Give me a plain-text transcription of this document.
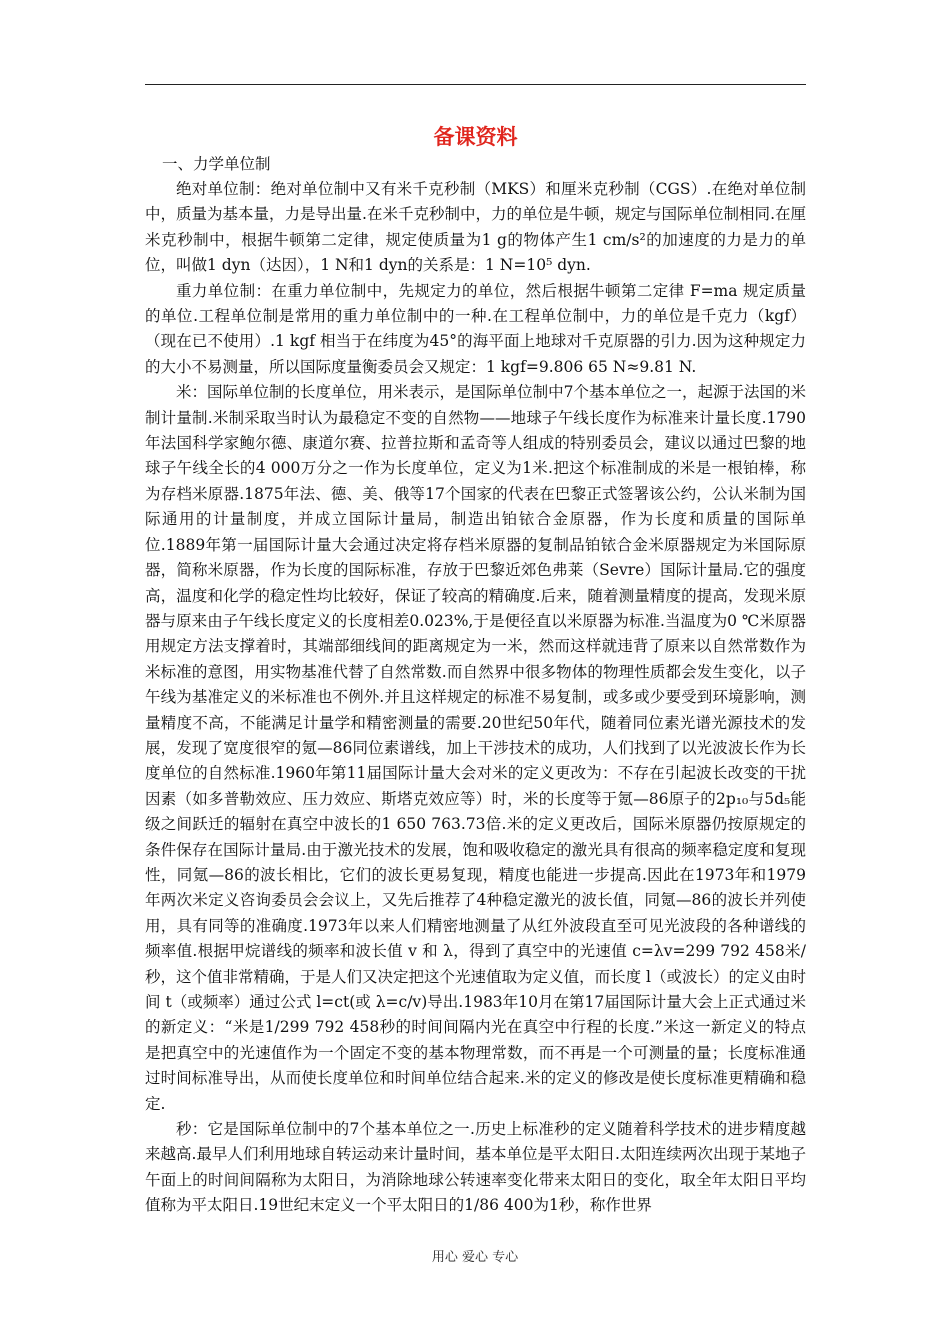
备课资料

一、力学单位制

绝对单位制：绝对单位制中又有米千克秒制（MKS）和厘米克秒制（CGS）.在绝对单位制中，质量为基本量，力是导出量.在米千克秒制中，力的单位是牛顿，规定与国际单位制相同.在厘米克秒制中，根据牛顿第二定律，规定使质量为1 g的物体产生1 cm/s²的加速度的力是力的单位，叫做1 dyn（达因），1 N和1 dyn的关系是：1 N=10⁵ dyn.

重力单位制：在重力单位制中，先规定力的单位，然后根据牛顿第二定律 F=ma 规定质量的单位.工程单位制是常用的重力单位制中的一种.在工程单位制中，力的单位是千克力（kgf）（现在已不使用）.1 kgf 相当于在纬度为45°的海平面上地球对千克原器的引力.因为这种规定力的大小不易测量，所以国际度量衡委员会又规定：1 kgf=9.806 65 N≈9.81 N.

米：国际单位制的长度单位，用米表示，是国际单位制中7个基本单位之一，起源于法国的米制计量制.米制采取当时认为最稳定不变的自然物——地球子午线长度作为标准来计量长度.1790年法国科学家鲍尔德、康道尔赛、拉普拉斯和孟奇等人组成的特别委员会，建议以通过巴黎的地球子午线全长的4 000万分之一作为长度单位，定义为1米.把这个标准制成的米是一根铂棒，称为存档米原器.1875年法、德、美、俄等17个国家的代表在巴黎正式签署该公约，公认米制为国际通用的计量制度，并成立国际计量局，制造出铂铱合金原器，作为长度和质量的国际单位.1889年第一届国际计量大会通过决定将存档米原器的复制品铂铱合金米原器规定为米国际原器，简称米原器，作为长度的国际标准，存放于巴黎近郊色弗莱（Sevre）国际计量局.它的强度高，温度和化学的稳定性均比较好，保证了较高的精确度.后来，随着测量精度的提高，发现米原器与原来由子午线长度定义的长度相差0.023%,于是便径直以米原器为标准.当温度为0 ℃米原器用规定方法支撑着时，其端部细线间的距离规定为一米，然而这样就违背了原来以自然常数作为米标准的意图，用实物基准代替了自然常数.而自然界中很多物体的物理性质都会发生变化，以子午线为基准定义的米标准也不例外.并且这样规定的标准不易复制，或多或少要受到环境影响，测量精度不高，不能满足计量学和精密测量的需要.20世纪50年代，随着同位素光谱光源技术的发展，发现了宽度很窄的氪—86同位素谱线，加上干涉技术的成功，人们找到了以光波波长作为长度单位的自然标准.1960年第11届国际计量大会对米的定义更改为：不存在引起波长改变的干扰因素（如多普勒效应、压力效应、斯塔克效应等）时，米的长度等于氪—86原子的2p₁₀与5d₅能级之间跃迁的辐射在真空中波长的1 650 763.73倍.米的定义更改后，国际米原器仍按原规定的条件保存在国际计量局.由于激光技术的发展，饱和吸收稳定的激光具有很高的频率稳定度和复现性，同氪—86的波长相比，它们的波长更易复现，精度也能进一步提高.因此在1973年和1979年两次米定义咨询委员会会议上，又先后推荐了4种稳定激光的波长值，同氪—86的波长并列使用，具有同等的准确度.1973年以来人们精密地测量了从红外波段直至可见光波段的各种谱线的频率值.根据甲烷谱线的频率和波长值 v 和 λ，得到了真空中的光速值 c=λv=299 792 458米/秒，这个值非常精确，于是人们又决定把这个光速值取为定义值，而长度 l（或波长）的定义由时间 t（或频率）通过公式 l=ct(或 λ=c/v)导出.1983年10月在第17届国际计量大会上正式通过米的新定义：“米是1/299 792 458秒的时间间隔内光在真空中行程的长度.”米这一新定义的特点是把真空中的光速值作为一个固定不变的基本物理常数，而不再是一个可测量的量；长度标准通过时间标准导出，从而使长度单位和时间单位结合起来.米的定义的修改是使长度标准更精确和稳定.

秒：它是国际单位制中的7个基本单位之一.历史上标准秒的定义随着科学技术的进步精度越来越高.最早人们利用地球自转运动来计量时间，基本单位是平太阳日.太阳连续两次出现于某地子午面上的时间间隔称为太阳日，为消除地球公转速率变化带来太阳日的变化，取全年太阳日平均值称为平太阳日.19世纪末定义一个平太阳日的1/86 400为1秒，称作世界

用心 爱心 专心
